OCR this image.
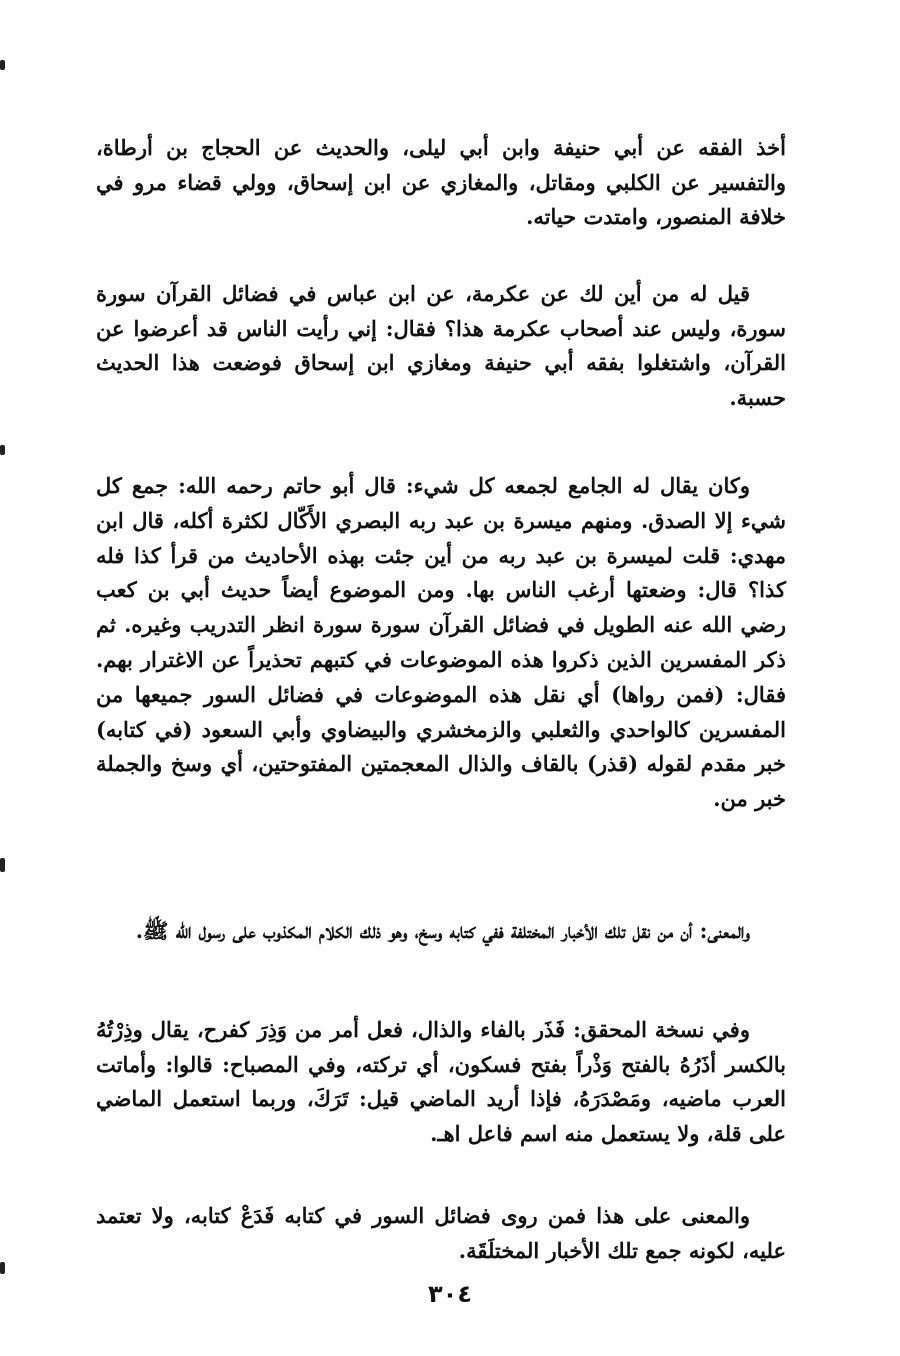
أخذ الفقه عن أبي حنيفة وابن أبي ليلى، والحديث عن الحجاج بن أرطاة، والتفسير عن الكلبي ومقاتل، والمغازي عن ابن إسحاق، وولي قضاء مرو في خلافة المنصور، وامتدت حياته.

قيل له من أين لك عن عكرمة، عن ابن عباس في فضائل القرآن سورة سورة، وليس عند أصحاب عكرمة هذا؟ فقال: إني رأيت الناس قد أعرضوا عن القرآن، واشتغلوا بفقه أبي حنيفة ومغازي ابن إسحاق فوضعت هذا الحديث حسبة.

وكان يقال له الجامع لجمعه كل شيء: قال أبو حاتم رحمه الله: جمع كل شيء إلا الصدق. ومنهم ميسرة بن عبد ربه البصري الأَكّال لكثرة أكله، قال ابن مهدي: قلت لميسرة بن عبد ربه من أين جئت بهذه الأحاديث من قرأ كذا فله كذا؟ قال: وضعتها أرغب الناس بها. ومن الموضوع أيضاً حديث أبي بن كعب رضي الله عنه الطويل في فضائل القرآن سورة سورة انظر التدريب وغيره. ثم ذكر المفسرين الذين ذكروا هذه الموضوعات في كتبهم تحذيراً عن الاغترار بهم. فقال: (فمن رواها) أي نقل هذه الموضوعات في فضائل السور جميعها من المفسرين كالواحدي والثعلبي والزمخشري والبيضاوي وأبي السعود (في كتابه) خبر مقدم لقوله (قذر) بالقاف والذال المعجمتين المفتوحتين، أي وسخ والجملة خبر من.

والمعنى: أن من نقل تلك الأخبار المختلفة ففي كتابه وسخ، وهو ذلك الكلام المكذوب على رسول الله ﷺ.

وفي نسخة المحقق: فَذَر بالفاء والذال، فعل أمر من وَذِرَ كفرح، يقال وذِرْتُهُ بالكسر أذَرُهُ بالفتح وَذْراً بفتح فسكون، أي تركته، وفي المصباح: قالوا: وأماتت العرب ماضيه، ومَصْدَرَهُ، فإذا أريد الماضي قيل: تَرَكَ، وربما استعمل الماضي على قلة، ولا يستعمل منه اسم فاعل اهـ.

والمعنى على هذا فمن روى فضائل السور في كتابه فَدَعْ كتابه، ولا تعتمد عليه، لكونه جمع تلك الأخبار المختلَقَة.

٣٠٤
